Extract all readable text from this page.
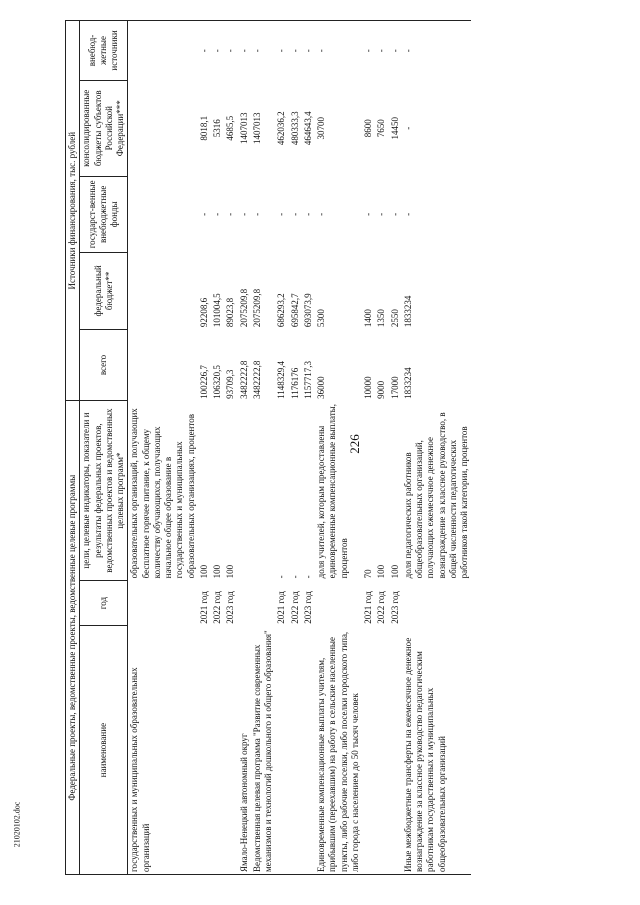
226
21020102.doc
Федеральные проекты, ведомственные проекты, ведомственные целевые программы			Источники финансирования, тыс. рублей				
наименование	год	цели, целевые индикаторы, показатели и результаты федеральных проектов, ведомственных проектов и ведомственных целевых программ*	всего	федеральный бюджет**	государст-венные внебюджетные фонды	консолидированные бюджеты субъектов Российской Федерации***	внебюд-жетные источники
государственных и муниципальных образовательных организаций		образовательных организаций, получающих бесплатное горячее питание, к общему количеству обучающихся, получающих начальное общее образование в государственных и муниципальных образовательных организациях, процентов					
	2021 год	100	100226,7	92208,6	-	8018,1	-
	2022 год	100	106320,5	101004,5	-	5316	-
	2023 год	100	93709,3	89023,8	-	4685,5	-
Ямало-Ненецкий автономный округ			3482222,8	2075209,8	-	1407013	-
Ведомственная целевая программа "Развитие современных механизмов и технологий дошкольного и общего образования"			3482222,8	2075209,8	-	1407013	-
	2021 год	-	1148329,4	686293,2	-	462036,2	-
	2022 год	-	1176176	695842,7	-	480333,3	-
	2023 год	-	1157717,3	693073,9	-	464643,4	-
Единовременные компенсационные выплаты учителям, прибывшим (переехавшим) на работу в сельские населенные пункты, либо рабочие поселки, либо поселки городского типа, либо города с населением до 50 тысяч человек		доля учителей, которым предоставлены единовременные компенсационные выплаты, процентов	36000	5300	-	30700	-
	2021 год	70	10000	1400	-	8600	-
	2022 год	100	9000	1350	-	7650	-
	2023 год	100	17000	2550	-	14450	-
Иные межбюджетные трансферты на ежемесячное денежное вознаграждение за классное руководство педагогическим работникам государственных и муниципальных общеобразовательных организаций		доля педагогических работников общеобразовательных организаций, получающих ежемесячное денежное вознаграждение за классное руководство, в общей численности педагогических работников такой категории, процентов	1833234	1833234	-	-	-
